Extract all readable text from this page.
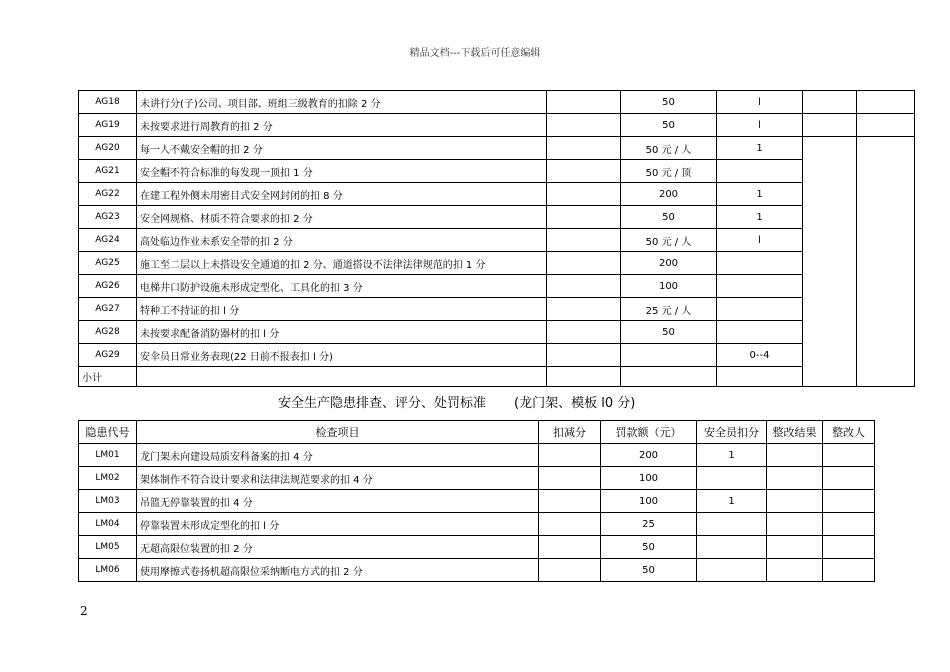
精品文档---下载后可任意编辑
AG18	未讲行分(子)公司、项目部、班组三级教育的扣除 2 分		50	l		
AG19	未按要求进行周教育的扣 2 分		50	l		
AG20	每一人不戴安全帽的扣 2 分		50 元 / 人	1		
AG21	安全帽不符合标准的每发现一顶扣 1 分		50 元 / 顶			
AG22	在建工程外侧未用密目式安全网封闭的扣 8 分		200	1		
AG23	安全网规格、材质不符合要求的扣 2 分		50	1		
AG24	高处临边作业未系安全带的扣 2 分		50 元 / 人	l		
AG25	施工至二层以上未搭设安全通道的扣 2 分、通道搭设不法律法律规范的扣 1 分		200			
AG26	电梯井口防护设施未形成定型化、工具化的扣 3 分		100			
AG27	特种工不持证的扣 l 分		25 元 / 人			
AG28	未按要求配备消防器材的扣 l 分		50			
AG29	安伞员日常业务表现(22 日前不报表扣 l 分)			0--4		
小计						
安全生产隐患排查、评分、处罚标准 (龙门架、模板 l0 分)
隐患代号	检查项目	扣减分	罚款额（元）	安全员扣分	整改结果	整改人
LM01	龙门架未向建设局质安科备案的扣 4 分		200	1		
LM02	架体制作不符合设计要求和法律法规范要求的扣 4 分		100			
LM03	吊篮无停靠装置的扣 4 分		100	1		
LM04	停靠装置未形成定型化的扣 l 分		25			
LM05	无超高限位装置的扣 2 分		50			
LM06	使用摩擦式卷扬机超高限位采纳断电方式的扣 2 分		50			
2
